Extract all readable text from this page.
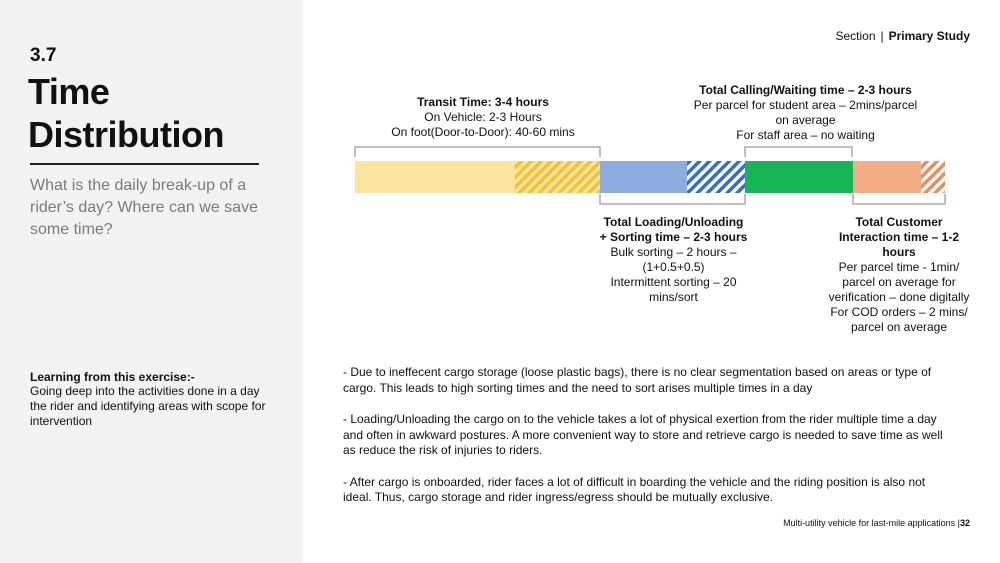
3.7
Time
Distribution
What is the daily break-up of a rider’s day? Where can we save some time?
Learning from this exercise:-
Going deep into the activities done in a day the rider and identifying areas with scope for intervention
Section | Primary Study
Transit Time: 3-4 hours
On Vehicle: 2-3 Hours
On foot(Door-to-Door): 40-60 mins
Total Calling/Waiting time – 2-3 hours
Per parcel for student area – 2mins/parcel
on average
For staff area – no waiting
Total Loading/Unloading
+ Sorting time – 2-3 hours
Bulk sorting – 2 hours –
(1+0.5+0.5)
Intermittent sorting – 20
mins/sort
Total Customer
Interaction time – 1-2
hours
Per parcel time - 1min/
parcel on average for
verification – done digitally
For COD orders – 2 mins/
parcel on average

- Due to ineffecent cargo storage (loose plastic bags), there is no clear segmentation based on areas or type of cargo. This leads to high sorting times and the need to sort arises multiple times in a day

- Loading/Unloading the cargo on to the vehicle takes a lot of physical exertion from the rider multiple time a day and often in awkward postures. A more convenient way to store and retrieve cargo is needed to save time as well as reduce the risk of injuries to riders.

- After cargo is onboarded, rider faces a lot of difficult in boarding the vehicle and the riding position is also not ideal. Thus, cargo storage and rider ingress/egress should be mutually exclusive.

Multi-utility vehicle for last-mile applications |32
